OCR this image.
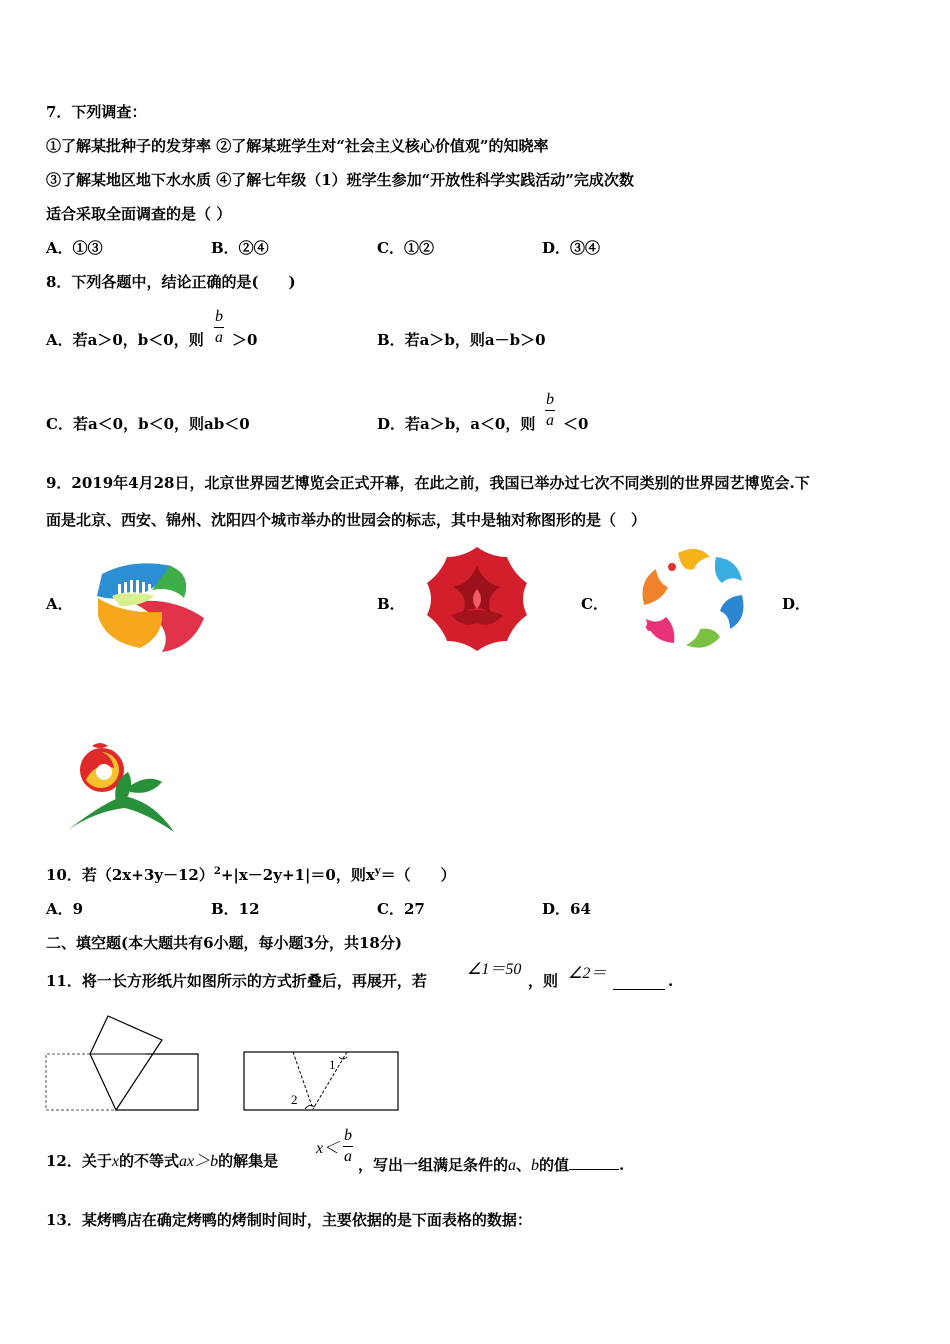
7．下列调查：
①了解某批种子的发芽率 ②了解某班学生对“社会主义核心价值观”的知晓率
③了解某地区地下水水质 ④了解七年级（1）班学生参加“开放性科学实践活动”完成次数
适合采取全面调查的是（ ）
A．①③	B．②④	C．①②	D．③④
8．下列各题中，结论正确的是(　　)
A．若a＞0，b＜0，则
b
a ＞0	B．若a＞b，则a－b＞0
C．若a＜0，b＜0，则ab＜0	D．若a＞b，a＜0，则
b
a ＜0
9．2019年4月28日，北京世界园艺博览会正式开幕，在此之前，我国已举办过七次不同类别的世界园艺博览会.下
面是北京、西安、锦州、沈阳四个城市举办的世园会的标志，其中是轴对称图形的是（　）
A．	B．	C．	D．
10．若$(2x+3y-12)^2+|x-2y+1|=0$，则$x^y=$（　　）
A．9	B．12	C．27	D．64
二、填空题(本大题共有6小题，每小题3分，共18分)
11．将一长方形纸片如图所示的方式折叠后，再展开，若
∠1＝50
，则 ∠2＝	.
1
2
12．关于x的不等式ax＞b的解集是
x＜
b
a ，写出一组满足条件的a、b的值	.
13．某烤鸭店在确定烤鸭的烤制时间时，主要依据的是下面表格的数据：
